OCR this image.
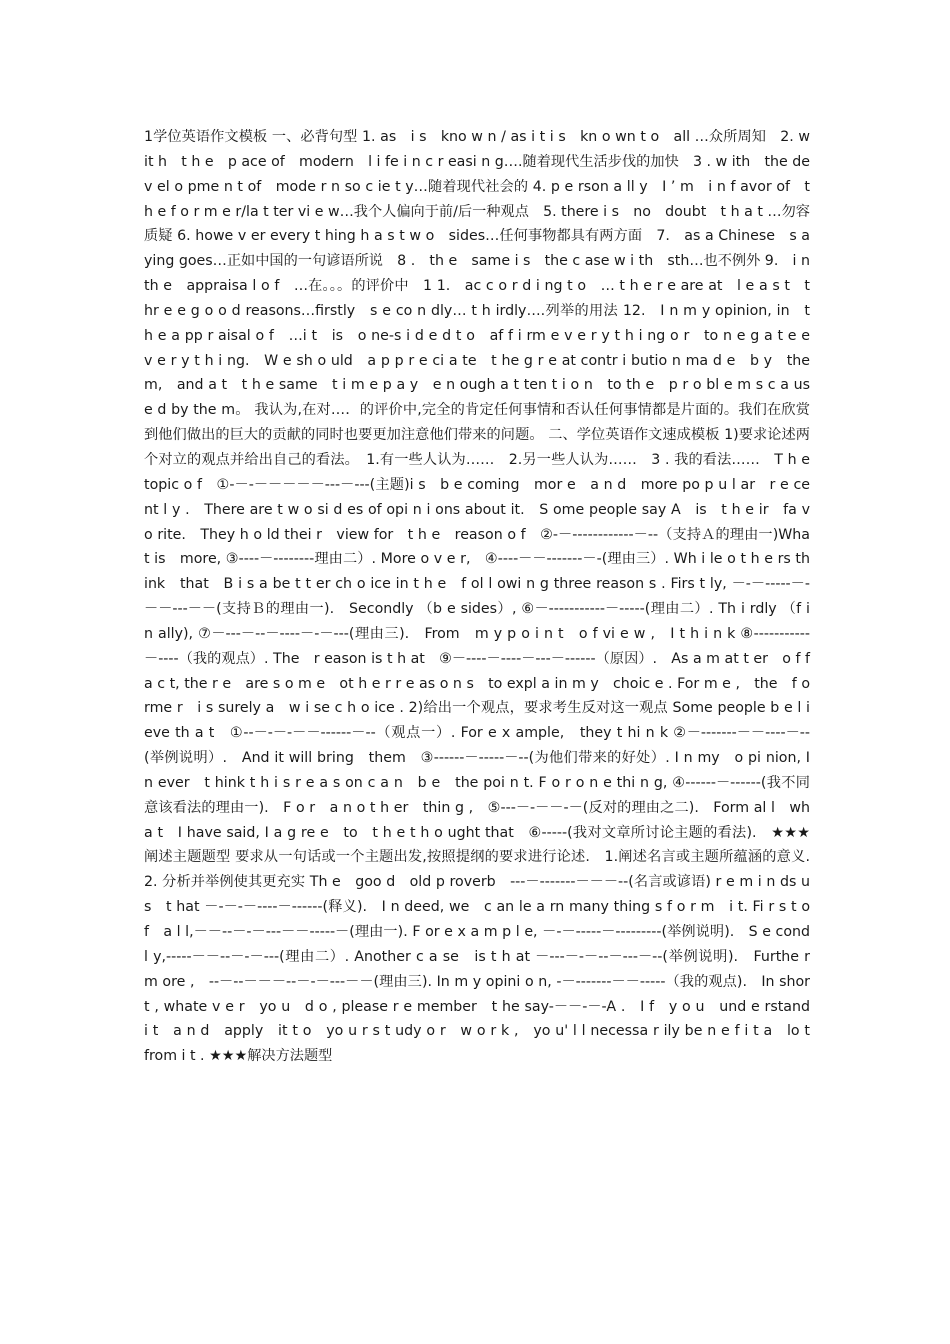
1学位英语作文模板 一、必背句型 1. as　i s　kno w n / as i t i s　kn o wn t o　all …众所周知　2. w it h　t h e　p ace of　modern　l i fe i n c r easi n g….随着现代生活步伐的加快　3 . w ith　the de v el o pme n t of　mode r n so c ie t y…随着现代社会的 4. p e rson a ll y　I ’ m　i n f avor of　t h e f o r m e r/la t ter vi e w…我个人偏向于前/后一种观点　5. there i s　no　doubt　t h a t …勿容质疑 6. howe v er every t hing h a s t w o　sides…任何事物都具有两方面　7.　as a Chinese　s aying goes…正如中国的一句谚语所说　8 .　th e　same i s　the c ase w i th　sth…也不例外 9.　i n th e　appraisa l o f　…在。。。的评价中　1 1.　ac c o r d i ng t o　… t h e r e are at　l e a s t　t hr e e g o o d reasons…firstly　s e co n dly… t h irdly….列举的用法 12.　I n m y opinion, in　t h e a pp r aisal o f　…i t　is　o ne-s i d e d t o　af f i rm e v e r y t h i ng o r　to n e g a t e e v e r y t h i ng.　W e sh o uld　a p p r e ci a te　t he g r e at contr i butio n ma d e　b y　them,　and a t　t h e same　t i m e p a y　e n ough a t ten t i o n　to th e　p r o bl e m s c a us e d by the m。 我认为,在对…．的评价中,完全的肯定任何事情和否认任何事情都是片面的。我们在欣赏到他们做出的巨大的贡献的同时也要更加注意他们带来的问题。 二、学位英语作文速成模板 1)要求论述两个对立的观点并给出自己的看法。　1.有一些人认为……　2.另一些人认为……　3 . 我的看法……　T h e topic o f　①-－-－－－－－---－---(主题)i s　b e coming　mor e　a n d　more po p u l ar　r e cent l y .　There are t w o si d es of opi n i ons about it.　S ome people say A　is　t h e ir　fa v o rite.　They h o ld thei r　view for　t h e　reason o f　②-－------------－--（支持Ａ的理由一)What is　more, ③----－--------理由二）. More o v e r,　④----－－-------－-(理由三）. Wh i le o t h e rs think　that　B i s a be t t er ch o ice in t h e　f ol l owi n g three reason s . Firs t ly, －-－-----－-－－---－－(支持Ｂ的理由一).　Secondly （b e sides）, ⑥－-----------－-----(理由二）. Th i rdly （f i n ally), ⑦－---－--－----－-－---(理由三).　From　m y p o i n t　o f vi e w ,　I t h i n k ⑧-----------－----（我的观点）. The　r eason is t h at　⑨－----－----－---－------（原因）.　As a m at t er　o f fa c t, the r e　are s o m e　ot h e r r e as o n s　to expl a in m y　choic e . For m e ,　the　f o rme r　i s surely a　w i se c h o ice . 2)给出一个观点，要求考生反对这一观点 Some people b e l ieve th a t　①--－-－-－－------－--（观点一）. For e x ample,　they t hi n k ②－-------－－----－--(举例说明）.　And it will bring　them　③------－-----－--(为他们带来的好处）. I n my　o pi nion, I　n ever　t hink t h i s r e a s on c a n　b e　the poi n t. F o r o n e thi n g, ④------－------(我不同意该看法的理由一).　F o r　a n o t h er　thin g ,　⑤---－-－－-－(反对的理由之二).　Form al l　wha t　I have said, I a g re e　to　t h e t h o ught that　⑥-----(我对文章所讨论主题的看法).　★★★阐述主题题型 要求从一句话或一个主题出发,按照提纲的要求进行论述.　1.阐述名言或主题所蕴涵的意义.　2. 分析并举例使其更充实 Th e　goo d　old p roverb　---－-------－－－--(名言或谚语) r e m i n ds us　t hat －-－-－----－------(释义).　I n deed, we　c an le a rn many thing s f o r m　i t. Fi r s t o f　a l l,－－--－-－---－－-----－(理由一). F or e x a m p l e, －-－-----－---------(举例说明).　S e cond l y,-----－－--－-－---(理由二）. Another c a se　is t h at －---－-－--－---－--(举例说明).　Furthe r m ore ,　--－--－－－--－-－---－－(理由三). In m y opini o n, -－-------－－-----（我的观点).　In shor t , whate v e r　yo u　d o , please r e member　t he say-－－-－-A .　I f　y o u　und e rstand　i t　a n d　apply　it t o　yo u r s t udy o r　w o r k ,　yo u' l l necessa r ily be n e f i t a　lo t　from i t . ★★★解决方法题型
